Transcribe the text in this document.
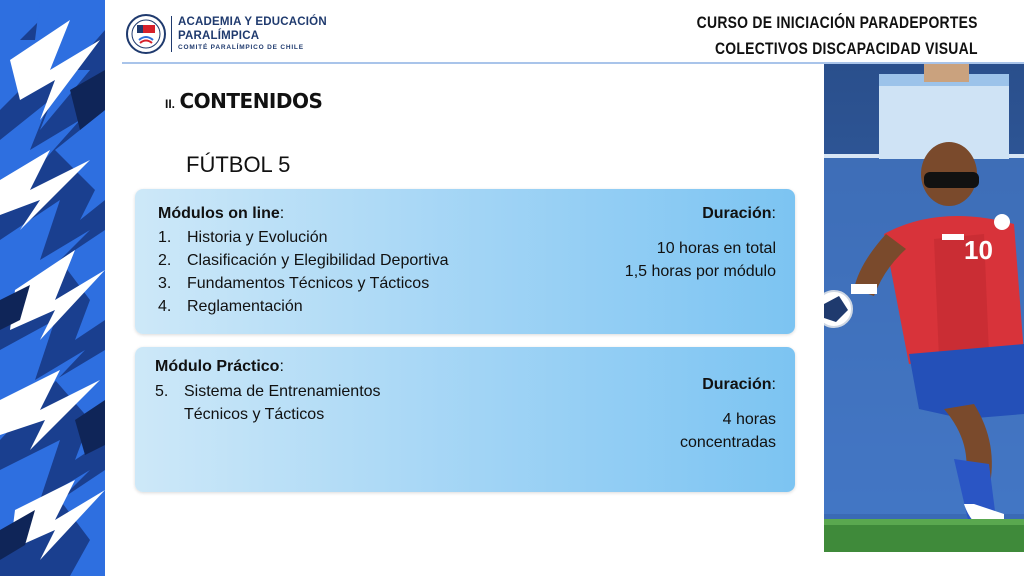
ACADEMIA Y EDUCACIÓN
PARALÍMPICA
COMITÉ PARALÍMPICO DE CHILE
CURSO DE INICIACIÓN PARADEPORTES
COLECTIVOS DISCAPACIDAD VISUAL
II. CONTENIDOS
FÚTBOL 5
Módulos on line:
1. Historia y Evolución
2. Clasificación y Elegibilidad Deportiva
3. Fundamentos Técnicos y Tácticos
4. Reglamentación
Duración:
10 horas en total
1,5 horas por módulo
Módulo Práctico:
5. Sistema de Entrenamientos
Técnicos y Tácticos
Duración:
4 horas
concentradas
10
